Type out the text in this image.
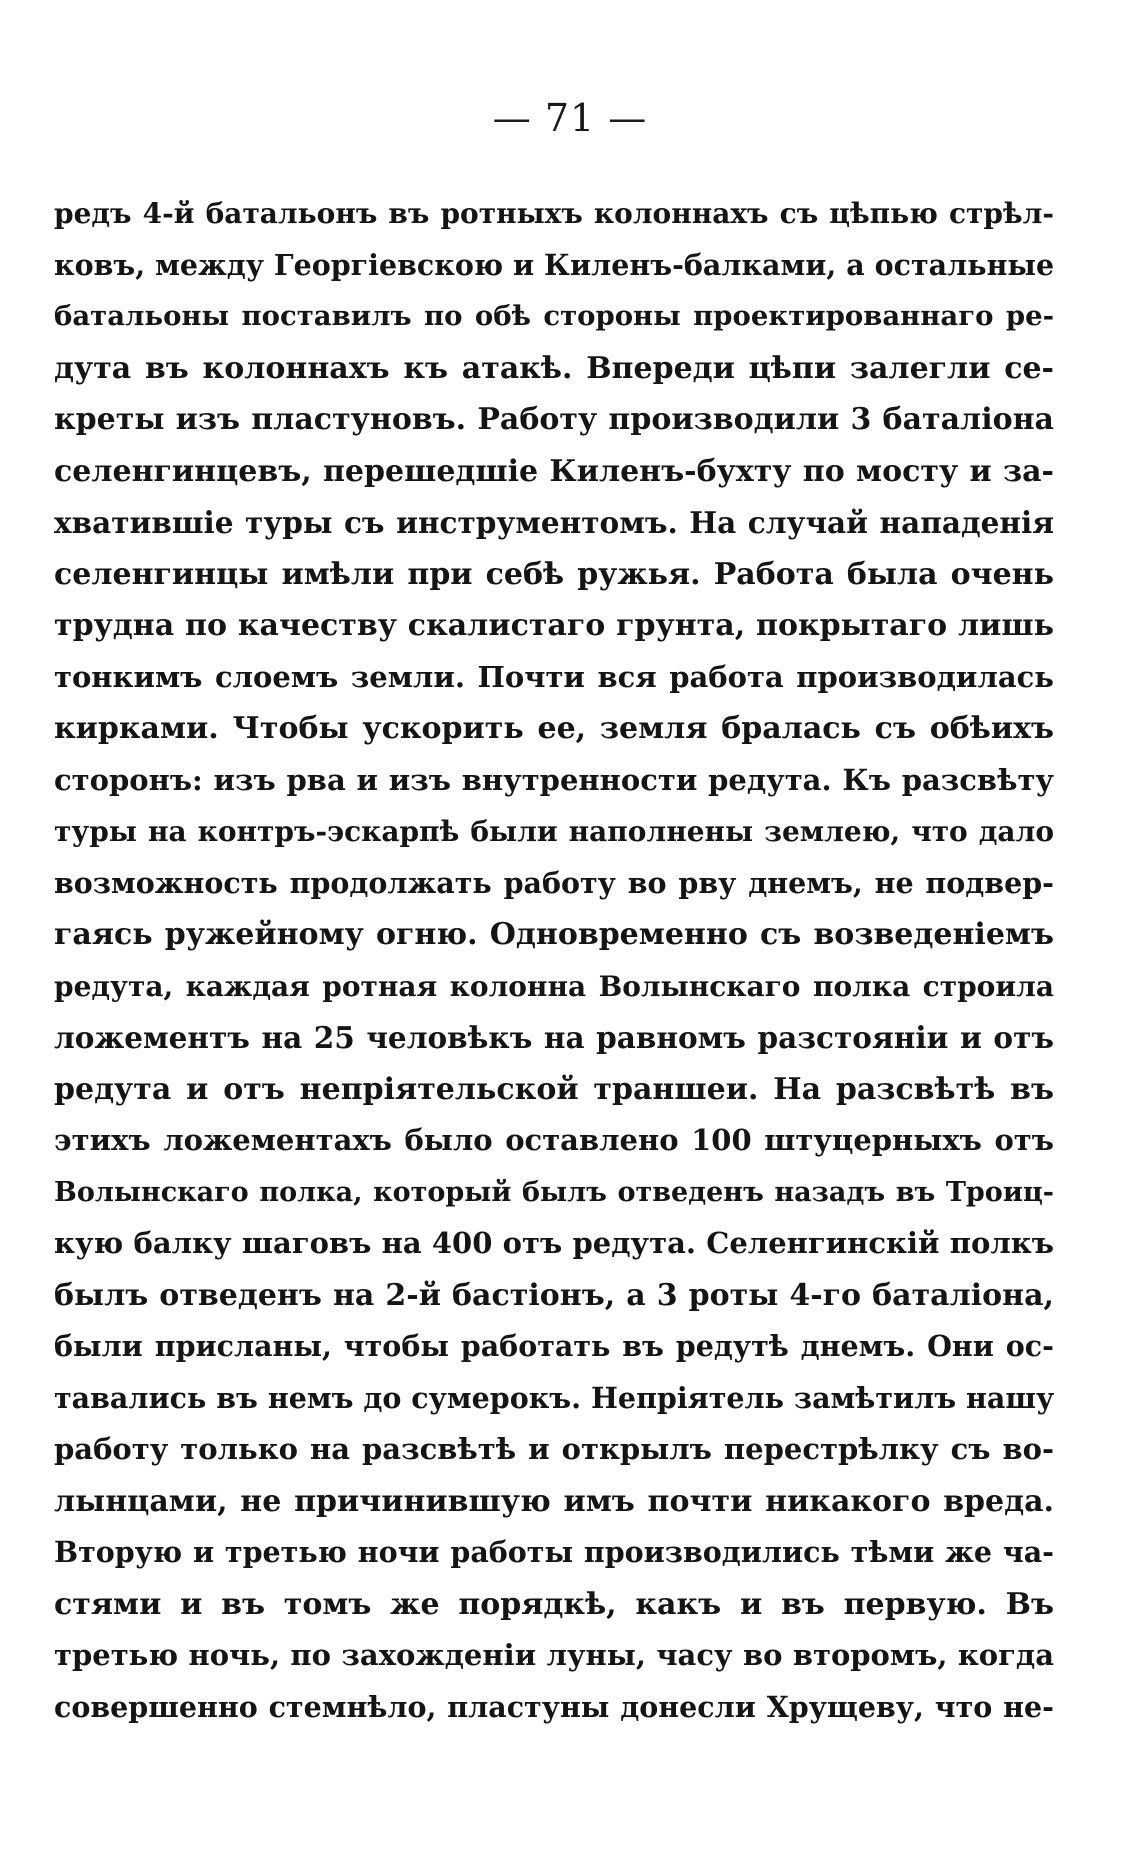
— 71 —
редъ 4-й батальонъ въ ротныхъ колоннахъ съ цѣпью стрѣл-
ковъ, между Георгіевскою и Киленъ-балками, а остальные
батальоны поставилъ по обѣ стороны проектированнаго ре-
дута въ колоннахъ къ атакѣ. Впереди цѣпи залегли се-
креты изъ пластуновъ. Работу производили 3 баталіона
селенгинцевъ, перешедшіе Киленъ-бухту по мосту и за-
хватившіе туры съ инструментомъ. На случай нападенія
селенгинцы имѣли при себѣ ружья. Работа была очень
трудна по качеству скалистаго грунта, покрытаго лишь
тонкимъ слоемъ земли. Почти вся работа производилась
кирками. Чтобы ускорить ее, земля бралась съ обѣихъ
сторонъ: изъ рва и изъ внутренности редута. Къ разсвѣту
туры на контръ-эскарпѣ были наполнены землею, что дало
возможность продолжать работу во рву днемъ, не подвер-
гаясь ружейному огню. Одновременно съ возведеніемъ
редута, каждая ротная колонна Волынскаго полка строила
ложементъ на 25 человѣкъ на равномъ разстояніи и отъ
редута и отъ непріятельской траншеи. На разсвѣтѣ въ
этихъ ложементахъ было оставлено 100 штуцерныхъ отъ
Волынскаго полка, который былъ отведенъ назадъ въ Троиц-
кую балку шаговъ на 400 отъ редута. Селенгинскій полкъ
былъ отведенъ на 2-й бастіонъ, а 3 роты 4-го баталіона,
были присланы, чтобы работать въ редутѣ днемъ. Они ос-
тавались въ немъ до сумерокъ. Непріятель замѣтилъ нашу
работу только на разсвѣтѣ и открылъ перестрѣлку съ во-
лынцами, не причинившую имъ почти никакого вреда.
Вторую и третью ночи работы производились тѣми же ча-
стями и въ томъ же порядкѣ, какъ и въ первую. Въ
третью ночь, по захожденіи луны, часу во второмъ, когда
совершенно стемнѣло, пластуны донесли Хрущеву, что не-
